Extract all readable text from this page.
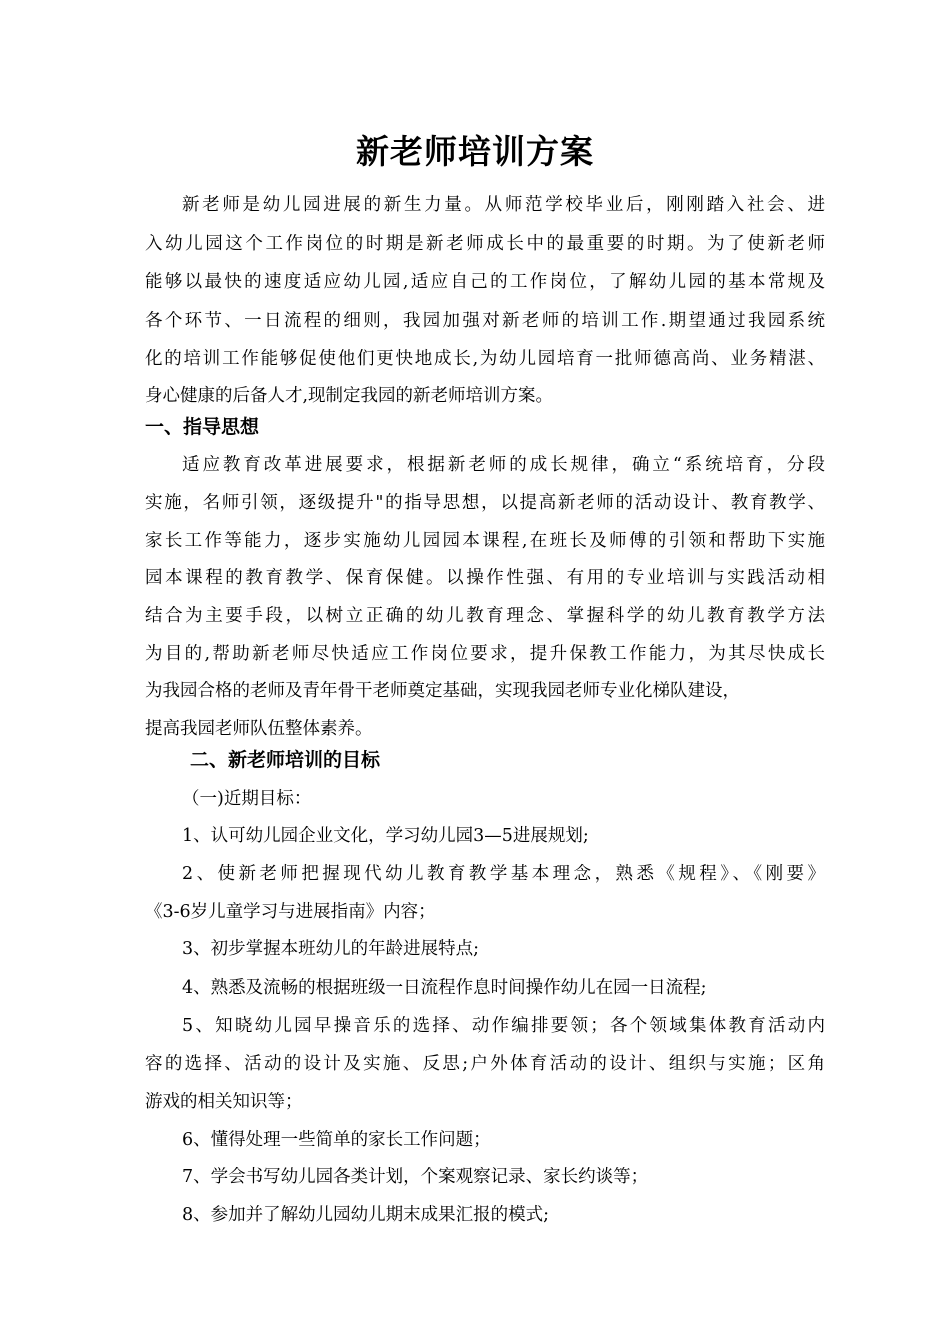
新老师培训方案

新老师是幼儿园进展的新生力量。从师范学校毕业后，刚刚踏入社会、进

入幼儿园这个工作岗位的时期是新老师成长中的最重要的时期。为了使新老师

能够以最快的速度适应幼儿园,适应自己的工作岗位，了解幼儿园的基本常规及

各个环节、一日流程的细则，我园加强对新老师的培训工作.期望通过我园系统

化的培训工作能够促使他们更快地成长,为幼儿园培育一批师德高尚、业务精湛、

身心健康的后备人才,现制定我园的新老师培训方案。

一、指导思想

适应教育改革进展要求，根据新老师的成长规律，确立“系统培育，分段

实施，名师引领，逐级提升"的指导思想，以提高新老师的活动设计、教育教学、

家长工作等能力，逐步实施幼儿园园本课程,在班长及师傅的引领和帮助下实施

园本课程的教育教学、保育保健。以操作性强、有用的专业培训与实践活动相

结合为主要手段，以树立正确的幼儿教育理念、掌握科学的幼儿教育教学方法

为目的,帮助新老师尽快适应工作岗位要求，提升保教工作能力，为其尽快成长

为我园合格的老师及青年骨干老师奠定基础，实现我园老师专业化梯队建设，

提高我园老师队伍整体素养。

二、新老师培训的目标

（一)近期目标：

1、认可幼儿园企业文化，学习幼儿园3—5进展规划;

2、使新老师把握现代幼儿教育教学基本理念，熟悉《规程》、《刚要》

《3-6岁儿童学习与进展指南》内容；

3、初步掌握本班幼儿的年龄进展特点;

4、熟悉及流畅的根据班级一日流程作息时间操作幼儿在园一日流程;

5、知晓幼儿园早操音乐的选择、动作编排要领；各个领域集体教育活动内

容的选择、活动的设计及实施、反思;户外体育活动的设计、组织与实施；区角

游戏的相关知识等；

6、懂得处理一些简单的家长工作问题；

7、学会书写幼儿园各类计划，个案观察记录、家长约谈等；

8、参加并了解幼儿园幼儿期末成果汇报的模式;
